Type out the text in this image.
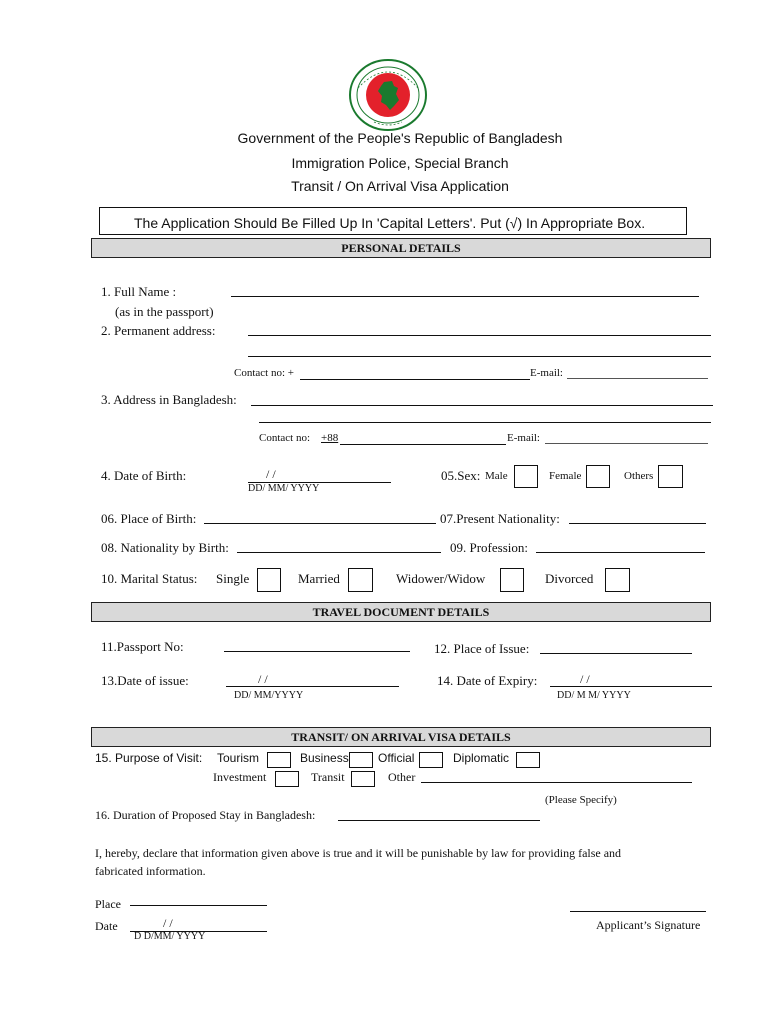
Government of the People's Republic of Bangladesh
Immigration Police, Special Branch
Transit / On Arrival Visa Application
The Application Should Be Filled Up In 'Capital Letters'. Put (√) In Appropriate Box.
PERSONAL DETAILS
1. Full Name :
(as in the passport)
2. Permanent address:
Contact no: +	E-mail:
3. Address in Bangladesh:
Contact no: +88	E-mail:
4. Date of Birth:	/ /
DD/ MM/ YYYY
05.Sex: Male	Female	Others
06. Place of Birth:	07.Present Nationality:
08. Nationality by Birth:	09. Profession:
10. Marital Status: Single	Married	Widower/Widow	Divorced
TRAVEL DOCUMENT DETAILS
11.Passport No:	12. Place of Issue:
13.Date of issue:	/ /
DD/ MM/YYYY
14. Date of Expiry:	/ /
DD/ M M/ YYYY
TRANSIT/ ON ARRIVAL VISA DETAILS
15. Purpose of Visit: Tourism	Business Official	Diplomatic
Investment	Transit	Other
(Please Specify)
16. Duration of Proposed Stay in Bangladesh:
I, hereby, declare that information given above is true and it will be punishable by law for providing false and
fabricated information.
Place
Date	/ /
D D/MM/ YYYY
Applicant’s Signature
